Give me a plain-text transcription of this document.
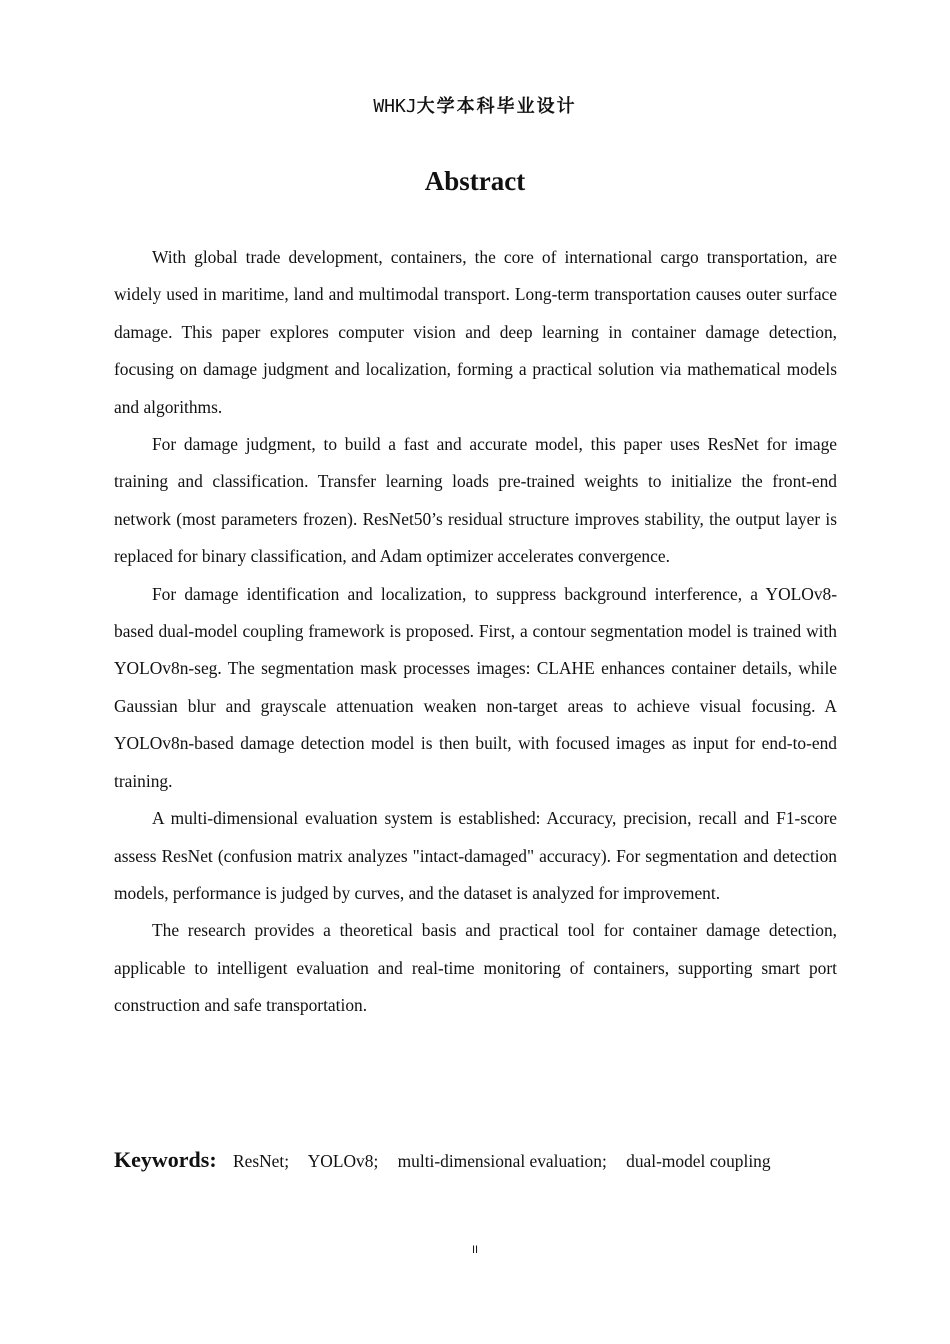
WHKJ大学本科毕业设计
Abstract

With global trade development, containers, the core of international cargo transportation, are widely used in maritime, land and multimodal transport. Long-term transportation causes outer surface damage. This paper explores computer vision and deep learning in container damage detection, focusing on damage judgment and localization, forming a practical solution via mathematical models and algorithms.

For damage judgment, to build a fast and accurate model, this paper uses ResNet for image training and classification. Transfer learning loads pre-trained weights to initialize the front-end network (most parameters frozen). ResNet50’s residual structure improves stability, the output layer is replaced for binary classification, and Adam optimizer accelerates convergence.

For damage identification and localization, to suppress background interference, a YOLOv8-based dual-model coupling framework is proposed. First, a contour segmentation model is trained with YOLOv8n-seg. The segmentation mask processes images: CLAHE enhances container details, while Gaussian blur and grayscale attenuation weaken non-target areas to achieve visual focusing. A YOLOv8n-based damage detection model is then built, with focused images as input for end-to-end training.

A multi-dimensional evaluation system is established: Accuracy, precision, recall and F1-score assess ResNet (confusion matrix analyzes "intact-damaged" accuracy). For segmentation and detection models, performance is judged by curves, and the dataset is analyzed for improvement.

The research provides a theoretical basis and practical tool for container damage detection, applicable to intelligent evaluation and real-time monitoring of containers, supporting smart port construction and safe transportation.

Keywords: ResNet; YOLOv8; multi-dimensional evaluation; dual-model coupling
II
